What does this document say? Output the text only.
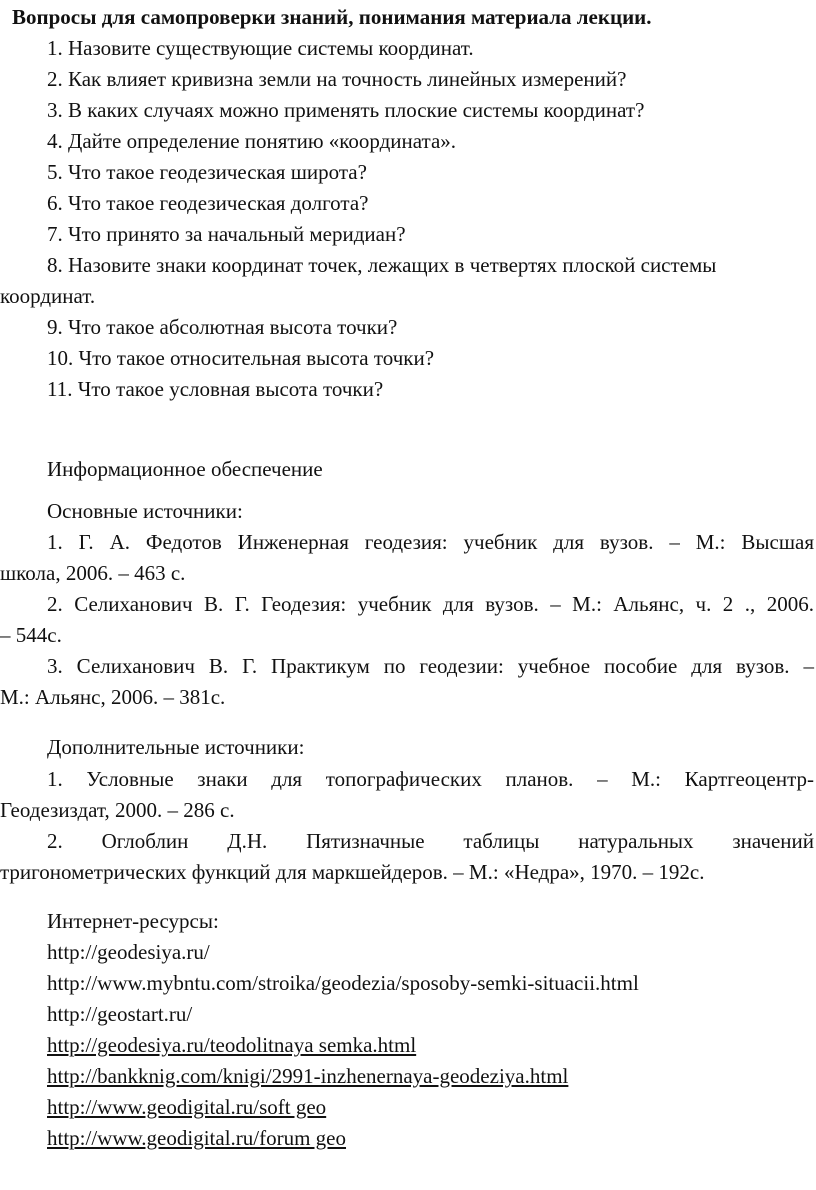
Вопросы для самопроверки знаний, понимания материала лекции.
1. Назовите существующие системы координат.
2. Как влияет кривизна земли на точность линейных измерений?
3. В каких случаях можно применять плоские системы координат?
4. Дайте определение понятию «координата».
5. Что такое геодезическая широта?
6. Что такое геодезическая долгота?
7. Что принято за начальный меридиан?
8. Назовите знаки координат точек, лежащих в четвертях плоской системы
координат.
9. Что такое абсолютная высота точки?
10. Что такое относительная высота точки?
11. Что такое условная высота точки?
Информационное обеспечение
Основные источники:
1. Г. А. Федотов Инженерная геодезия: учебник для вузов. – М.: Высшая
школа, 2006. – 463 с.
2. Селиханович В. Г. Геодезия: учебник для вузов. – М.: Альянс, ч. 2 ., 2006.
– 544с.
3. Селиханович В. Г. Практикум по геодезии: учебное пособие для вузов. –
М.: Альянс, 2006. – 381с.
Дополнительные источники:
1. Условные знаки для топографических планов. – М.: Картгеоцентр-
Геодезиздат, 2000. – 286 с.
2. Оглоблин Д.Н. Пятизначные таблицы натуральных значений
тригонометрических функций для маркшейдеров. – М.: «Недра», 1970. – 192с.
Интернет-ресурсы:
http://geodesiya.ru/
http://www.mybntu.com/stroika/geodezia/sposoby-semki-situacii.html
http://geostart.ru/
http://geodesiya.ru/teodolitnaya semka.html
http://bankknig.com/knigi/2991-inzhenernaya-geodeziya.html
http://www.geodigital.ru/soft geo
http://www.geodigital.ru/forum geo
